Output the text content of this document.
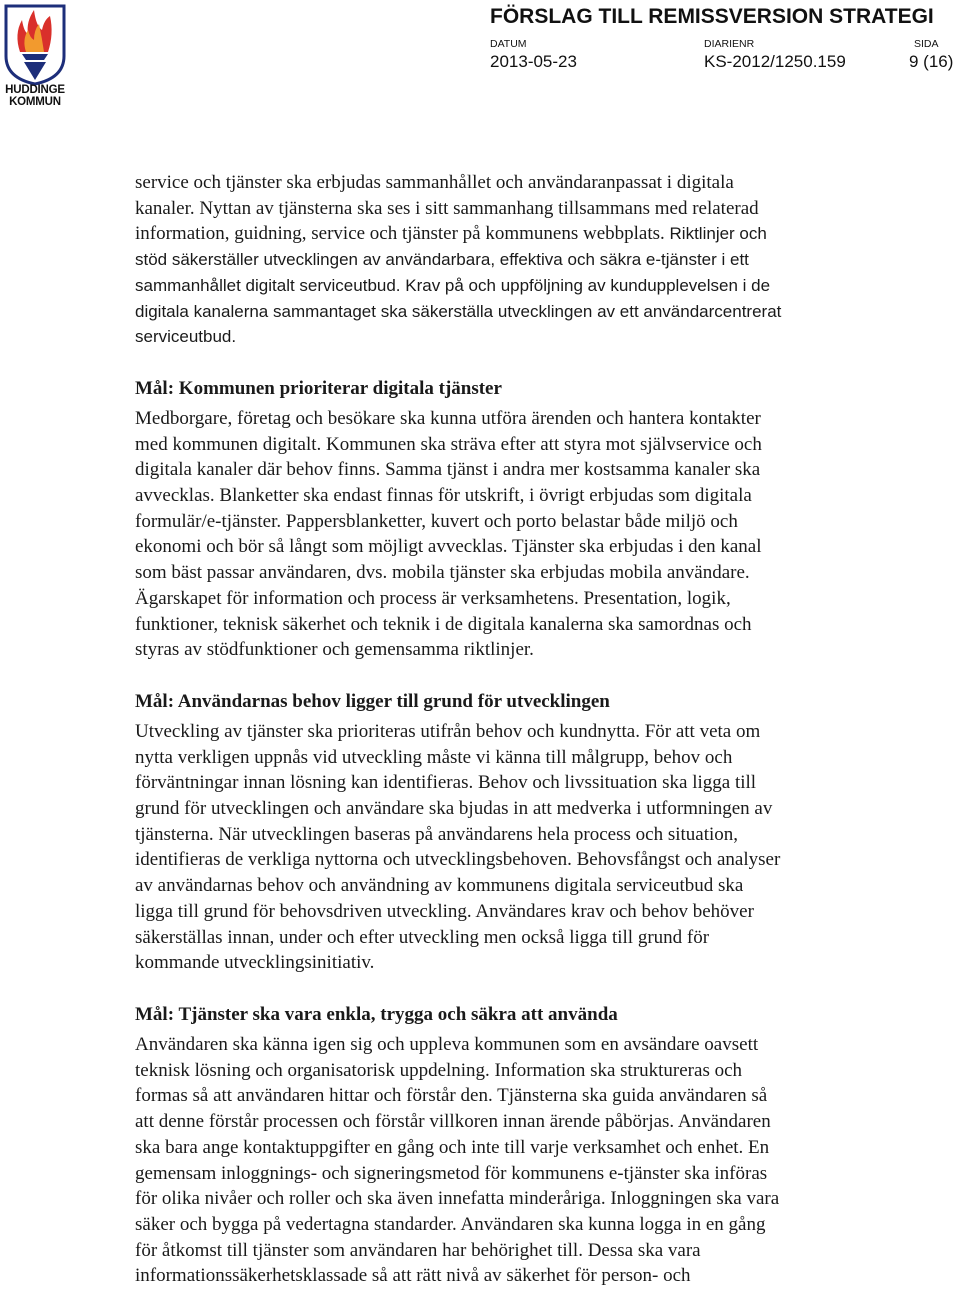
HUDDINGE
KOMMUN
FÖRSLAG TILL REMISSVERSION STRATEGI
DATUM
2013-05-23
DIARIENR
KS-2012/1250.159
SIDA
9 (16)

service och tjänster ska erbjudas sammanhållet och användaranpassat i digitala
kanaler. Nyttan av tjänsterna ska ses i sitt sammanhang tillsammans med relaterad
information, guidning, service och tjänster på kommunens webbplats. Riktlinjer och
stöd säkerställer utvecklingen av användarbara, effektiva och säkra e-tjänster i ett
sammanhållet digitalt serviceutbud. Krav på och uppföljning av kundupplevelsen i de
digitala kanalerna sammantaget ska säkerställa utvecklingen av ett användarcentrerat
serviceutbud.

Mål: Kommunen prioriterar digitala tjänster

Medborgare, företag och besökare ska kunna utföra ärenden och hantera kontakter
med kommunen digitalt. Kommunen ska sträva efter att styra mot självservice och
digitala kanaler där behov finns. Samma tjänst i andra mer kostsamma kanaler ska
avvecklas. Blanketter ska endast finnas för utskrift, i övrigt erbjudas som digitala
formulär/e-tjänster. Pappersblanketter, kuvert och porto belastar både miljö och
ekonomi och bör så långt som möjligt avvecklas. Tjänster ska erbjudas i den kanal
som bäst passar användaren, dvs. mobila tjänster ska erbjudas mobila användare.
Ägarskapet för information och process är verksamhetens. Presentation, logik,
funktioner, teknisk säkerhet och teknik i de digitala kanalerna ska samordnas och
styras av stödfunktioner och gemensamma riktlinjer.

Mål: Användarnas behov ligger till grund för utvecklingen

Utveckling av tjänster ska prioriteras utifrån behov och kundnytta. För att veta om
nytta verkligen uppnås vid utveckling måste vi känna till målgrupp, behov och
förväntningar innan lösning kan identifieras. Behov och livssituation ska ligga till
grund för utvecklingen och användare ska bjudas in att medverka i utformningen av
tjänsterna. När utvecklingen baseras på användarens hela process och situation,
identifieras de verkliga nyttorna och utvecklingsbehoven. Behovsfångst och analyser
av användarnas behov och användning av kommunens digitala serviceutbud ska
ligga till grund för behovsdriven utveckling. Användares krav och behov behöver
säkerställas innan, under och efter utveckling men också ligga till grund för
kommande utvecklingsinitiativ.

Mål: Tjänster ska vara enkla, trygga och säkra att använda

Användaren ska känna igen sig och uppleva kommunen som en avsändare oavsett
teknisk lösning och organisatorisk uppdelning. Information ska struktureras och
formas så att användaren hittar och förstår den. Tjänsterna ska guida användaren så
att denne förstår processen och förstår villkoren innan ärende påbörjas. Användaren
ska bara ange kontaktuppgifter en gång och inte till varje verksamhet och enhet. En
gemensam inloggnings- och signeringsmetod för kommunens e-tjänster ska införas
för olika nivåer och roller och ska även innefatta minderåriga. Inloggningen ska vara
säker och bygga på vedertagna standarder. Användaren ska kunna logga in en gång
för åtkomst till tjänster som användaren har behörighet till. Dessa ska vara
informationssäkerhetsklassade så att rätt nivå av säkerhet för person- och
